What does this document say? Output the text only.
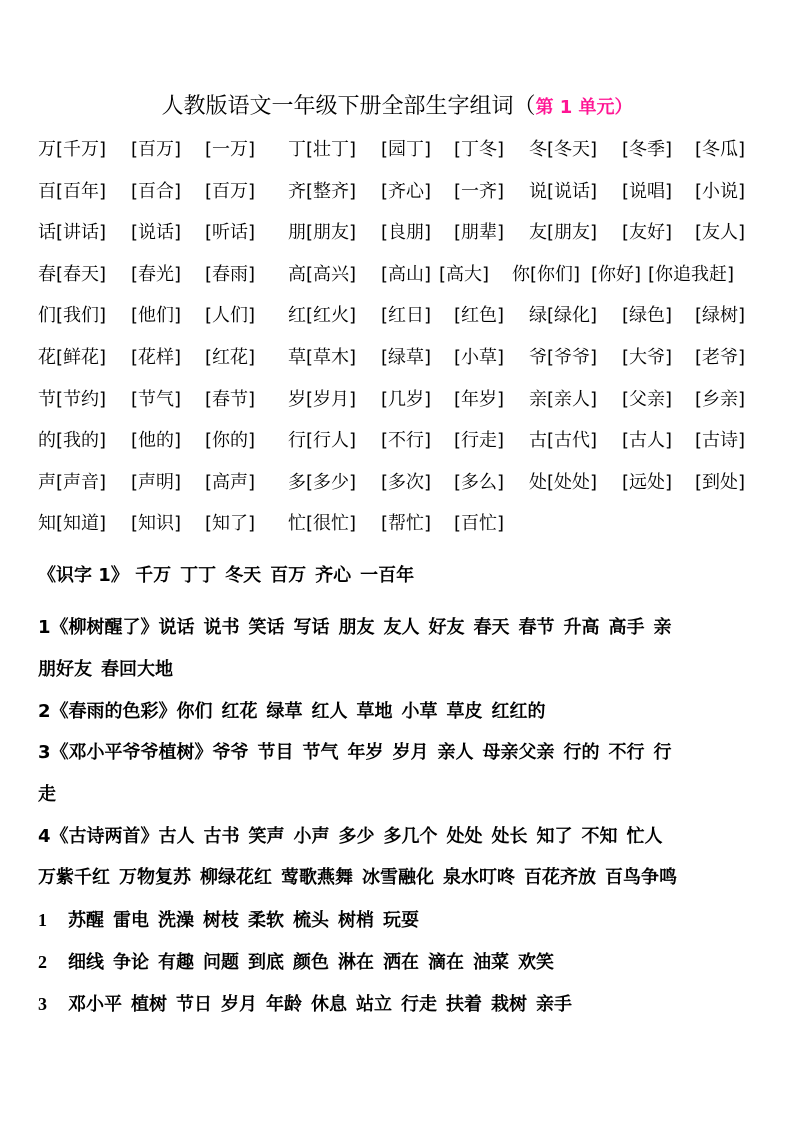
人教版语文一年级下册全部生字组词（第 1 单元）
万[千万] [百万] [一万] 丁[壮丁] [园丁] [丁冬] 冬[冬天] [冬季] [冬瓜]
百[百年] [百合] [百万] 齐[整齐] [齐心] [一齐] 说[说话] [说唱] [小说]
话[讲话] [说话] [听话] 朋[朋友] [良朋] [朋辈] 友[朋友] [友好] [友人]
春[春天] [春光] [春雨] 高[高兴] [高山] [高大] 你[你们] [你好] [你追我赶]
们[我们] [他们] [人们] 红[红火] [红日] [红色] 绿[绿化] [绿色] [绿树]
花[鲜花] [花样] [红花] 草[草木] [绿草] [小草] 爷[爷爷] [大爷] [老爷]
节[节约] [节气] [春节] 岁[岁月] [几岁] [年岁] 亲[亲人] [父亲] [乡亲]
的[我的] [他的] [你的] 行[行人] [不行] [行走] 古[古代] [古人] [古诗]
声[声音] [声明] [高声] 多[多少] [多次] [多么] 处[处处] [远处] [到处]
知[知道] [知识] [知了] 忙[很忙] [帮忙] [百忙]
《识字 1》 千万 丁丁 冬天 百万 齐心 一百年
1《柳树醒了》说话 说书 笑话 写话 朋友 友人 好友 春天 春节 升高 高手 亲
朋好友 春回大地
2《春雨的色彩》你们 红花 绿草 红人 草地 小草 草皮 红红的
3《邓小平爷爷植树》爷爷 节目 节气 年岁 岁月 亲人 母亲父亲 行的 不行 行
走
4《古诗两首》古人 古书 笑声 小声 多少 多几个 处处 处长 知了 不知 忙人
万紫千红 万物复苏 柳绿花红 莺歌燕舞 冰雪融化 泉水叮咚 百花齐放 百鸟争鸣
1 苏醒 雷电 洗澡 树枝 柔软 梳头 树梢 玩耍
2 细线 争论 有趣 问题 到底 颜色 淋在 洒在 滴在 油菜 欢笑
3 邓小平 植树 节日 岁月 年龄 休息 站立 行走 扶着 栽树 亲手
